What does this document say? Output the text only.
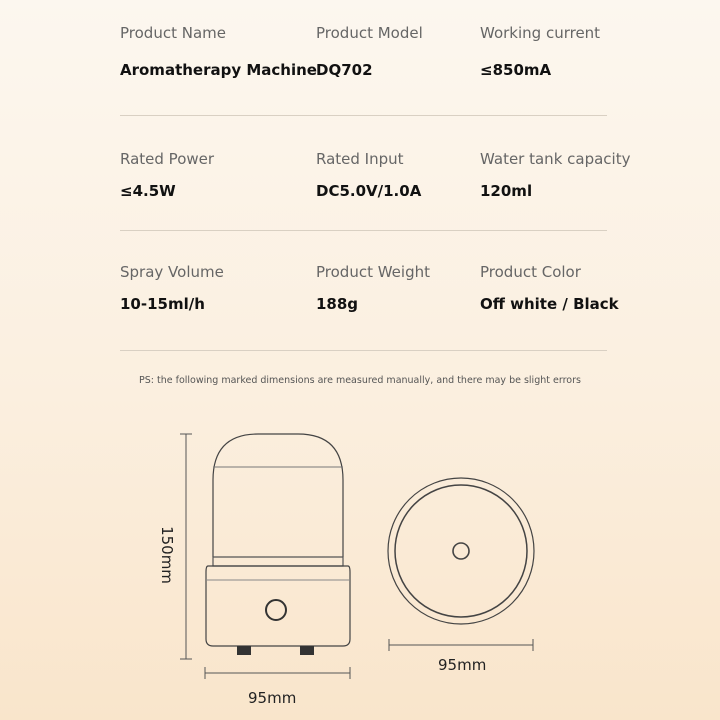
Product Name
Aromatherapy Machine
Product Model
DQ702
Working current
≤850mA
Rated Power
≤4.5W
Rated Input
DC5.0V/1.0A
Water tank capacity
120ml
Spray Volume
10-15ml/h
Product Weight
188g
Product Color
Off white / Black
PS: the following marked dimensions are measured manually, and there may be slight errors
150mm
95mm
95mm
